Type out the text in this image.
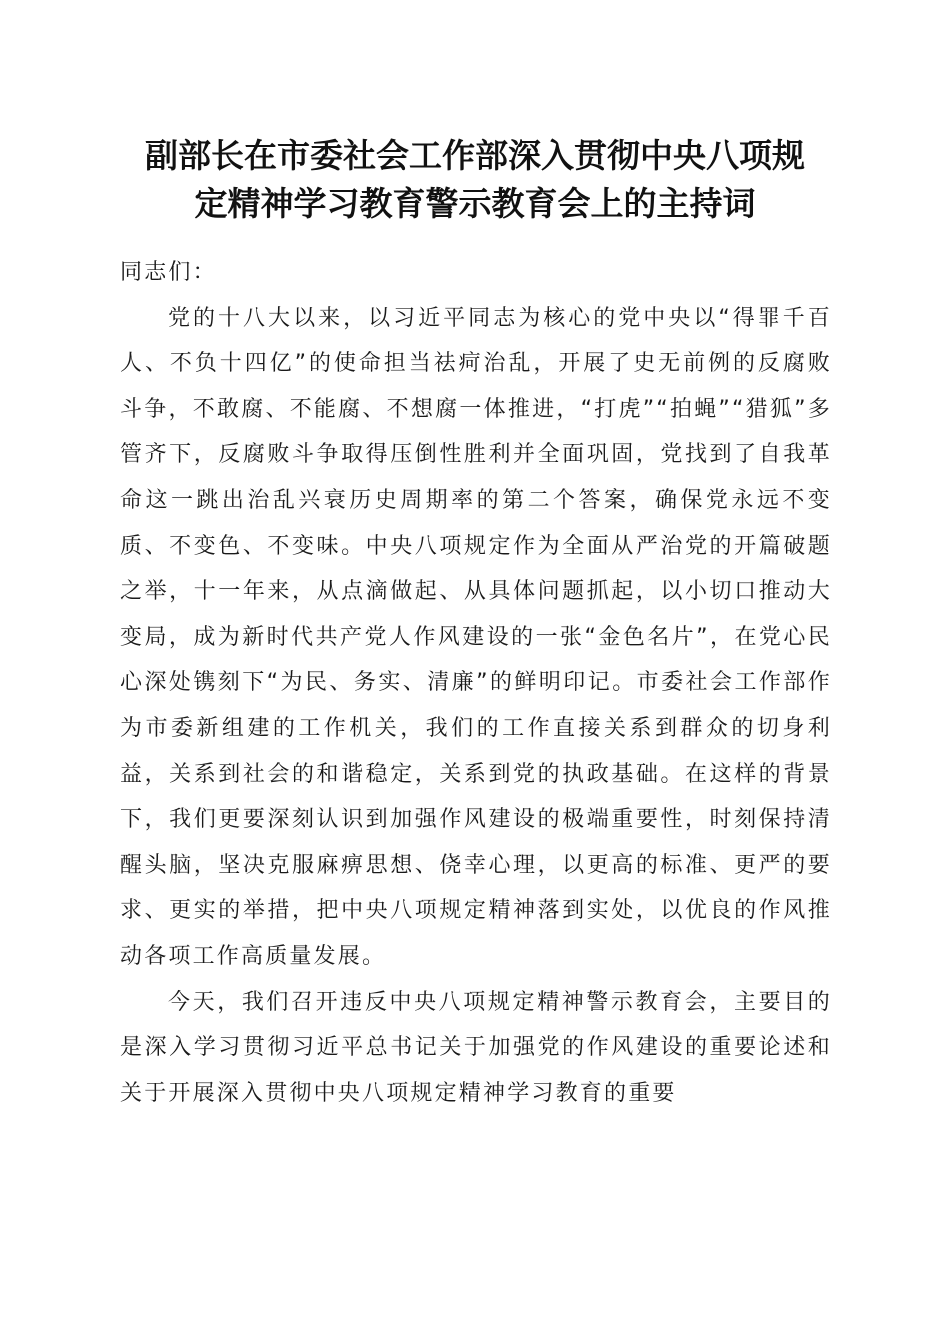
副部长在市委社会工作部深入贯彻中央八项规
定精神学习教育警示教育会上的主持词

同志们：

党的十八大以来，以习近平同志为核心的党中央以“得罪千百人、不负十四亿”的使命担当祛疴治乱，开展了史无前例的反腐败斗争，不敢腐、不能腐、不想腐一体推进，“打虎”“拍蝇”“猎狐”多管齐下，反腐败斗争取得压倒性胜利并全面巩固，党找到了自我革命这一跳出治乱兴衰历史周期率的第二个答案，确保党永远不变质、不变色、不变味。中央八项规定作为全面从严治党的开篇破题之举，十一年来，从点滴做起、从具体问题抓起，以小切口推动大变局，成为新时代共产党人作风建设的一张“金色名片”，在党心民心深处镌刻下“为民、务实、清廉”的鲜明印记。市委社会工作部作为市委新组建的工作机关，我们的工作直接关系到群众的切身利益，关系到社会的和谐稳定，关系到党的执政基础。在这样的背景下，我们更要深刻认识到加强作风建设的极端重要性，时刻保持清醒头脑，坚决克服麻痹思想、侥幸心理，以更高的标准、更严的要求、更实的举措，把中央八项规定精神落到实处，以优良的作风推动各项工作高质量发展。

今天，我们召开违反中央八项规定精神警示教育会，主要目的是深入学习贯彻习近平总书记关于加强党的作风建设的重要论述和关于开展深入贯彻中央八项规定精神学习教育的重要
